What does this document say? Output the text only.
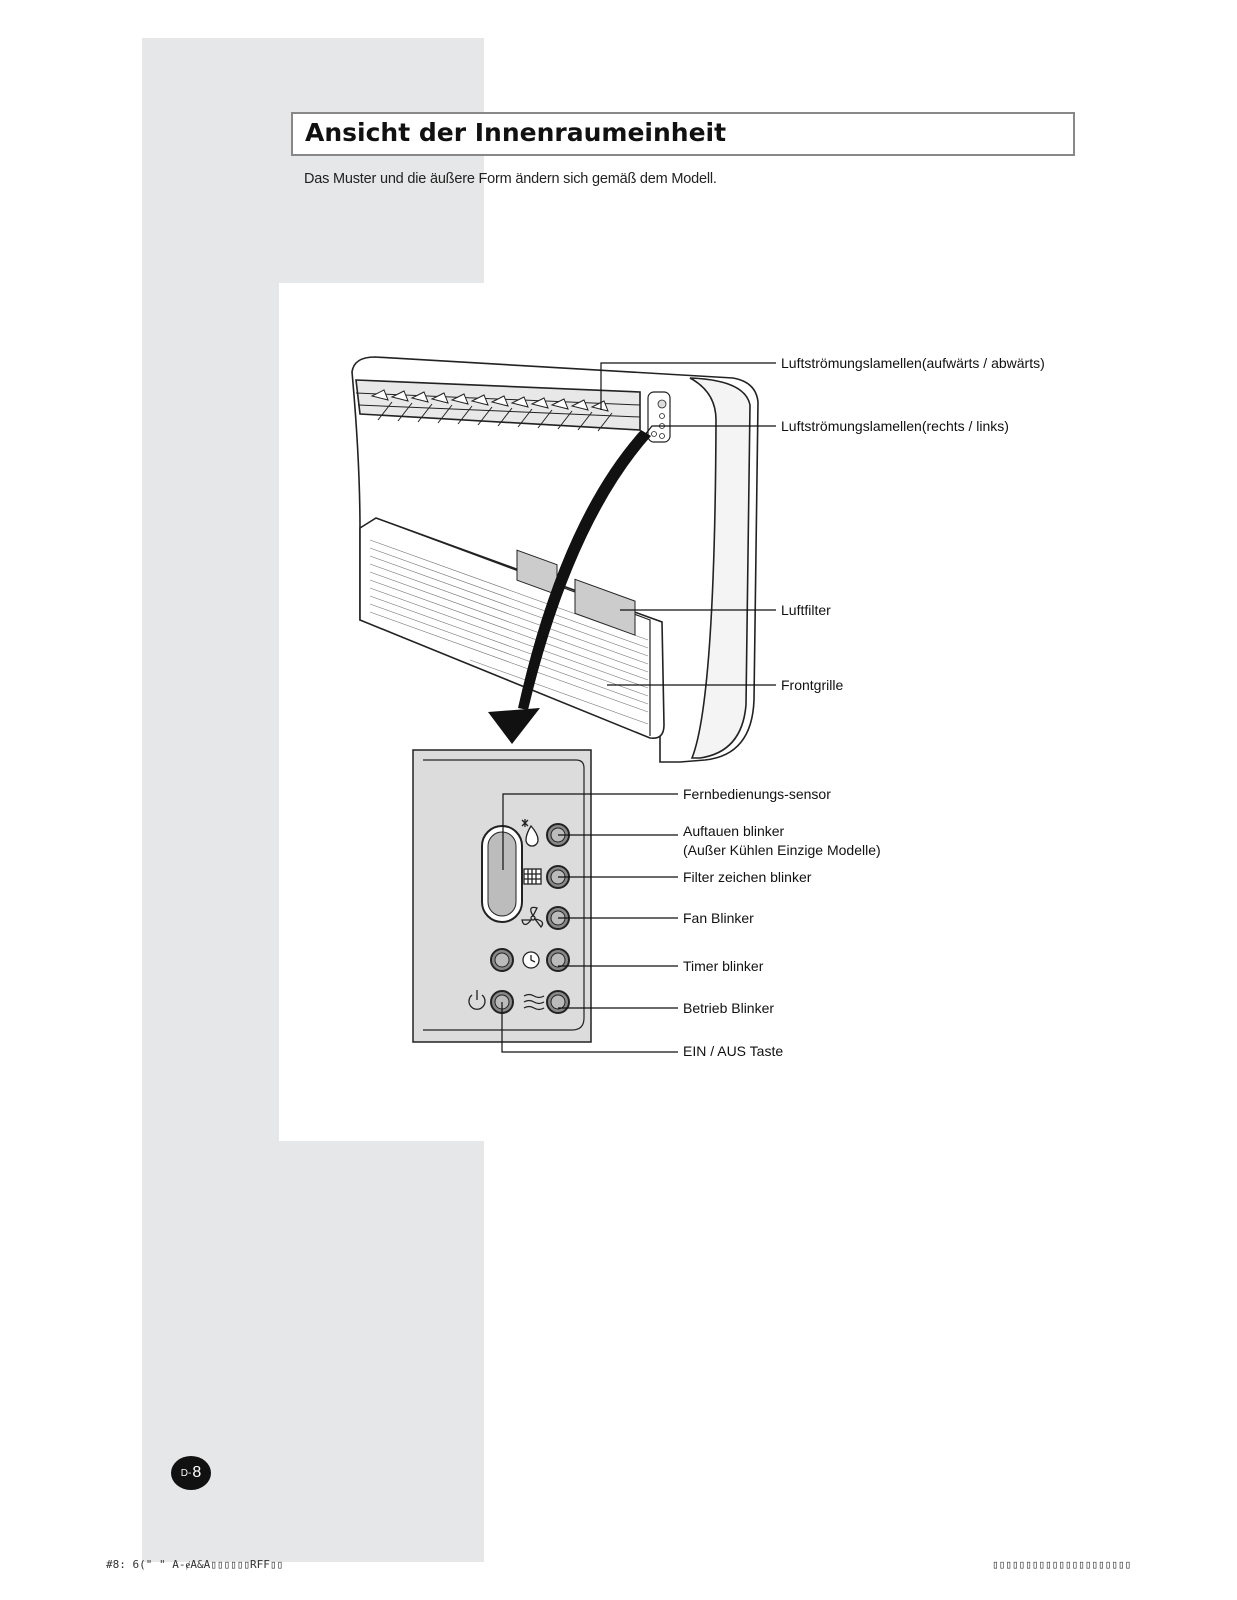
Ansicht der Innenraumeinheit
Das Muster und die äußere Form ändern sich gemäß dem Modell.
Luftströmungslamellen(aufwärts / abwärts)
Luftströmungslamellen(rechts / links)
Luftfilter
Frontgrille
Fernbedienungs-sensor
Auftauen blinker
(Außer Kühlen Einzige Modelle)
Filter zeichen blinker
Fan Blinker
Timer blinker
Betrieb Blinker
EIN / AUS Taste
D- 8
#8: 6(" " A-ɇA&A▯▯▯▯▯▯RFF▯▯	▯▯▯▯▯▯▯▯▯▯▯▯▯▯▯▯▯▯▯▯▯
